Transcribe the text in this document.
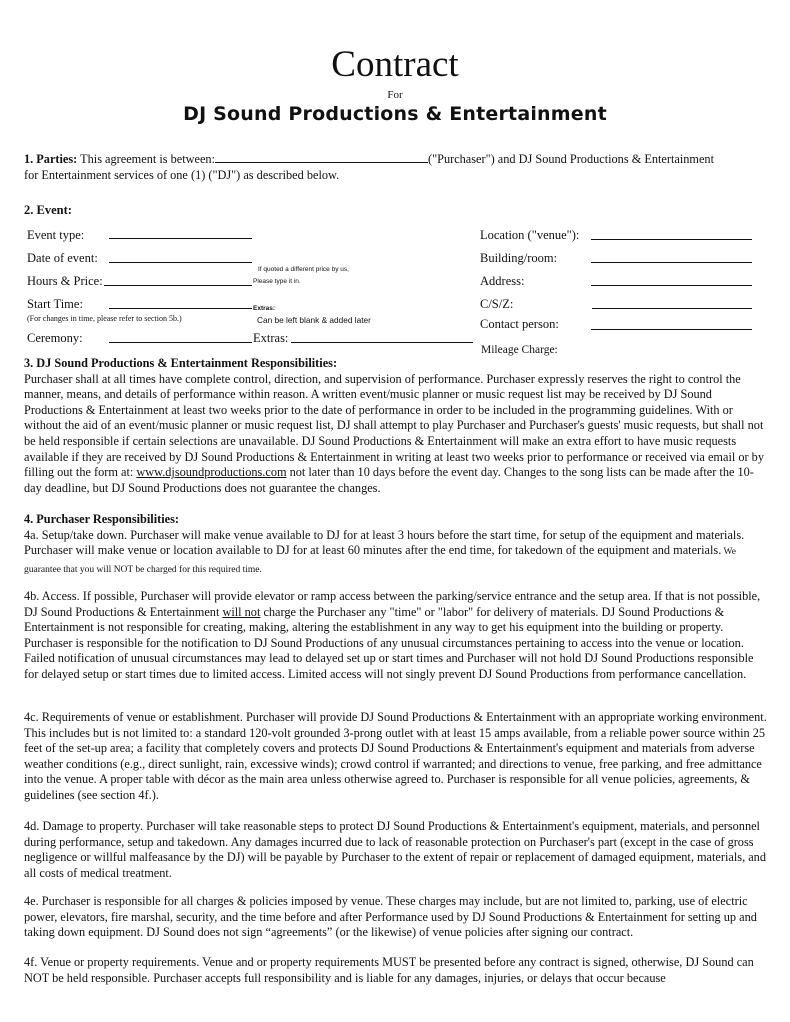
Contract
For
DJ Sound Productions & Entertainment

1. Parties: This agreement is between:	("Purchaser") and DJ Sound Productions & Entertainment

for Entertainment services of one (1) ("DJ") as described below.

2. Event:
Event type:
Date of event:
Hours & Price:
Start Time:
(For changes in time, please refer to section 5b.)
Ceremony:
If quoted a different price by us,
Please type it in.
Extras:
Can be left blank & added later
Extras:
Location ("venue"):
Building/room:
Address:
C/S/Z:
Contact person:
Mileage Charge:

3. DJ Sound Productions & Entertainment Responsibilities:

Purchaser shall at all times have complete control, direction, and supervision of performance. Purchaser expressly reserves the right to control the manner, means, and details of performance within reason. A written event/music planner or music request list may be received by DJ Sound Productions & Entertainment at least two weeks prior to the date of performance in order to be included in the programming guidelines. With or without the aid of an event/music planner or music request list, DJ shall attempt to play Purchaser and Purchaser's guests' music requests, but shall not be held responsible if certain selections are unavailable. DJ Sound Productions & Entertainment will make an extra effort to have music requests available if they are received by DJ Sound Productions & Entertainment in writing at least two weeks prior to performance or received via email or by filling out the form at: www.djsoundproductions.com not later than 10 days before the event day. Changes to the song lists can be made after the 10-day deadline, but DJ Sound Productions does not guarantee the changes.

4. Purchaser Responsibilities:

4a. Setup/take down. Purchaser will make venue available to DJ for at least 3 hours before the start time, for setup of the equipment and materials. Purchaser will make venue or location available to DJ for at least 60 minutes after the end time, for takedown of the equipment and materials. We guarantee that you will NOT be charged for this required time.

4b. Access. If possible, Purchaser will provide elevator or ramp access between the parking/service entrance and the setup area. If that is not possible, DJ Sound Productions & Entertainment will not charge the Purchaser any "time" or "labor" for delivery of materials. DJ Sound Productions & Entertainment is not responsible for creating, making, altering the establishment in any way to get his equipment into the building or property. Purchaser is responsible for the notification to DJ Sound Productions of any unusual circumstances pertaining to access into the venue or location. Failed notification of unusual circumstances may lead to delayed set up or start times and Purchaser will not hold DJ Sound Productions responsible for delayed setup or start times due to limited access. Limited access will not singly prevent DJ Sound Productions from performance cancellation.

4c. Requirements of venue or establishment. Purchaser will provide DJ Sound Productions & Entertainment with an appropriate working environment. This includes but is not limited to: a standard 120-volt grounded 3-prong outlet with at least 15 amps available, from a reliable power source within 25 feet of the set-up area; a facility that completely covers and protects DJ Sound Productions & Entertainment's equipment and materials from adverse weather conditions (e.g., direct sunlight, rain, excessive winds); crowd control if warranted; and directions to venue, free parking, and free admittance into the venue. A proper table with décor as the main area unless otherwise agreed to. Purchaser is responsible for all venue policies, agreements, & guidelines (see section 4f.).

4d. Damage to property. Purchaser will take reasonable steps to protect DJ Sound Productions & Entertainment's equipment, materials, and personnel during performance, setup and takedown. Any damages incurred due to lack of reasonable protection on Purchaser's part (except in the case of gross negligence or willful malfeasance by the DJ) will be payable by Purchaser to the extent of repair or replacement of damaged equipment, materials, and all costs of medical treatment.

4e. Purchaser is responsible for all charges & policies imposed by venue. These charges may include, but are not limited to, parking, use of electric power, elevators, fire marshal, security, and the time before and after Performance used by DJ Sound Productions & Entertainment for setting up and taking down equipment. DJ Sound does not sign “agreements” (or the likewise) of venue policies after signing our contract.

4f. Venue or property requirements. Venue and or property requirements MUST be presented before any contract is signed, otherwise, DJ Sound can NOT be held responsible. Purchaser accepts full responsibility and is liable for any damages, injuries, or delays that occur because
